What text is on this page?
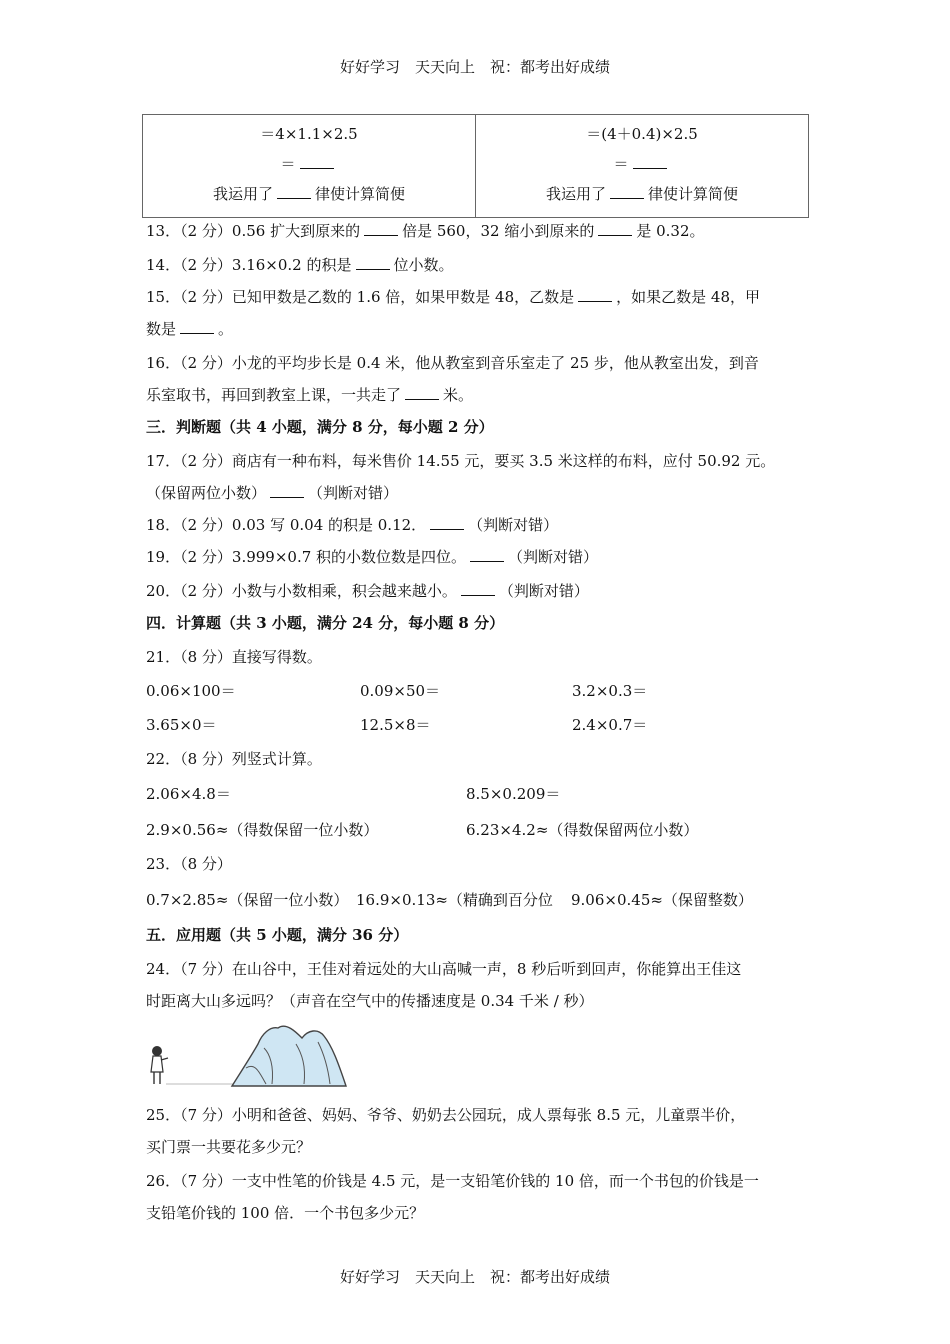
好好学习　天天向上　祝：都考出好成绩
＝4×1.1×2.5
＝
我运用了	律使计算简便

＝(4＋0.4)×2.5
＝
我运用了	律使计算简便
13．（2 分）0.56 扩大到原来的	倍是 560，32 缩小到原来的	是 0.32。
14．（2 分）3.16×0.2 的积是	位小数。
15．（2 分）已知甲数是乙数的 1.6 倍，如果甲数是 48，乙数是	，如果乙数是 48，甲
数是	。
16．（2 分）小龙的平均步长是 0.4 米，他从教室到音乐室走了 25 步，他从教室出发，到音
乐室取书，再回到教室上课，一共走了	米。
三．判断题（共 4 小题，满分 8 分，每小题 2 分）
17．（2 分）商店有一种布料，每米售价 14.55 元，要买 3.5 米这样的布料，应付 50.92 元。
（保留两位小数）	（判断对错）
18．（2 分）0.03 写 0.04 的积是 0.12．	（判断对错）
19．（2 分）3.999×0.7 积的小数位数是四位。	（判断对错）
20．（2 分）小数与小数相乘，积会越来越小。	（判断对错）
四．计算题（共 3 小题，满分 24 分，每小题 8 分）
21．（8 分）直接写得数。
0.06×100＝	0.09×50＝	3.2×0.3＝
3.65×0＝	12.5×8＝	2.4×0.7＝
22．（8 分）列竖式计算。
2.06×4.8＝	8.5×0.209＝
2.9×0.56≈（得数保留一位小数）	6.23×4.2≈（得数保留两位小数）
23．（8 分）
0.7×2.85≈（保留一位小数） 16.9×0.13≈（精确到百分位 9.06×0.45≈（保留整数）
五．应用题（共 5 小题，满分 36 分）
24．（7 分）在山谷中，王佳对着远处的大山高喊一声，8 秒后听到回声，你能算出王佳这
时距离大山多远吗？（声音在空气中的传播速度是 0.34 千米 / 秒）
25．（7 分）小明和爸爸、妈妈、爷爷、奶奶去公园玩，成人票每张 8.5 元，儿童票半价，
买门票一共要花多少元？
26．（7 分）一支中性笔的价钱是 4.5 元，是一支铅笔价钱的 10 倍，而一个书包的价钱是一
支铅笔价钱的 100 倍．一个书包多少元？
好好学习　天天向上　祝：都考出好成绩
